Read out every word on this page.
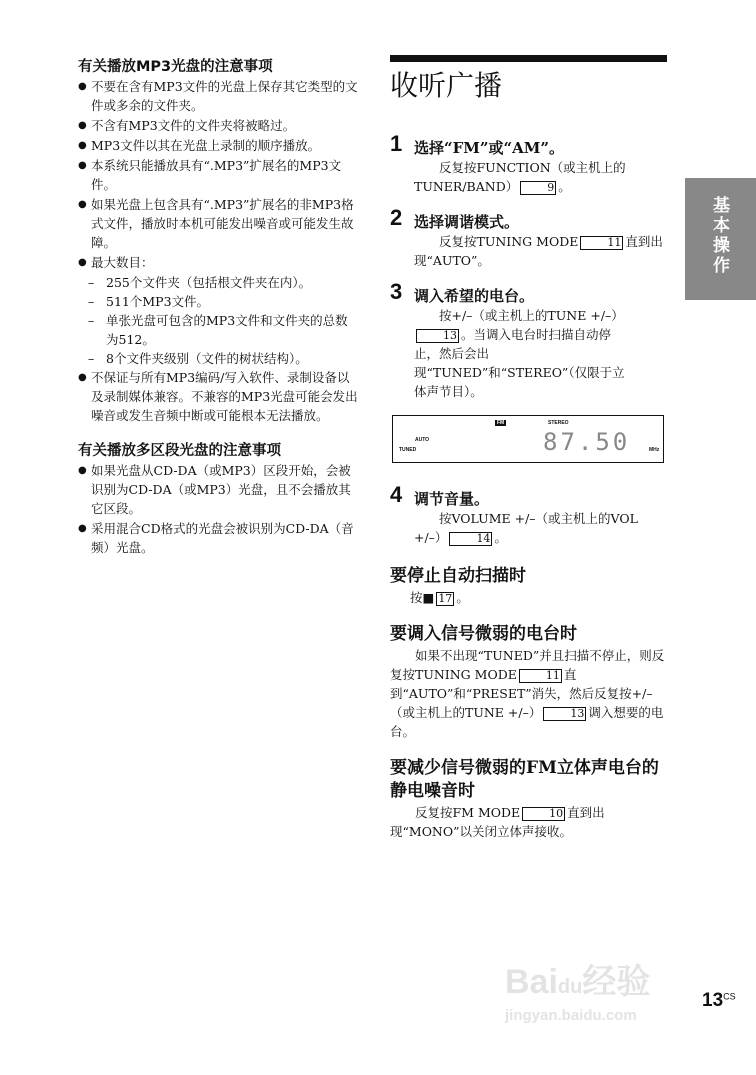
有关播放MP3光盘的注意事项
● 不要在含有MP3文件的光盘上保存其它类型的文件或多余的文件夹。
● 不含有MP3文件的文件夹将被略过。
● MP3文件以其在光盘上录制的顺序播放。
● 本系统只能播放具有“.MP3”扩展名的MP3文件。
● 如果光盘上包含具有“.MP3”扩展名的非MP3格式文件，播放时本机可能发出噪音或可能发生故障。
● 最大数目：
– 255个文件夹（包括根文件夹在内）。
– 511个MP3文件。
– 单张光盘可包含的MP3文件和文件夹的总数为512。
– 8个文件夹级别（文件的树状结构）。
● 不保证与所有MP3编码/写入软件、录制设备以及录制媒体兼容。不兼容的MP3光盘可能会发出噪音或发生音频中断或可能根本无法播放。
有关播放多区段光盘的注意事项
● 如果光盘从CD-DA（或MP3）区段开始，会被识别为CD-DA（或MP3）光盘，且不会播放其它区段。
● 采用混合CD格式的光盘会被识别为CD-DA（音频）光盘。
收听广播
1 选择“FM”或“AM”。
反复按FUNCTION（或主机上的TUNER/BAND）	9 。
2 选择调谐模式。
反复按TUNING MODE	11 直到出现“AUTO”。
3 调入希望的电台。
按+/–（或主机上的TUNE +/–）13 。当调入电台时扫描自动停止，然后会出现“TUNED”和“STEREO”（仅限于立体声节目）。
FM	STEREO
AUTO
TUNED	87.50	MHz
4 调节音量。
按VOLUME +/–（或主机上的VOL +/–）	14 。
要停止自动扫描时
按■ 17 。
要调入信号微弱的电台时
如果不出现“TUNED”并且扫描不停止，则反复按TUNING MODE	11 直到“AUTO”和“PRESET”消失，然后反复按+/–（或主机上的TUNE +/–）	13 调入想要的电台。
要减少信号微弱的FM立体声电台的静电噪音时
反复按FM MODE	10 直到出现“MONO”以关闭立体声接收。
基本操作
Baidu经验
jingyan.baidu.com
$13^{CS}$
